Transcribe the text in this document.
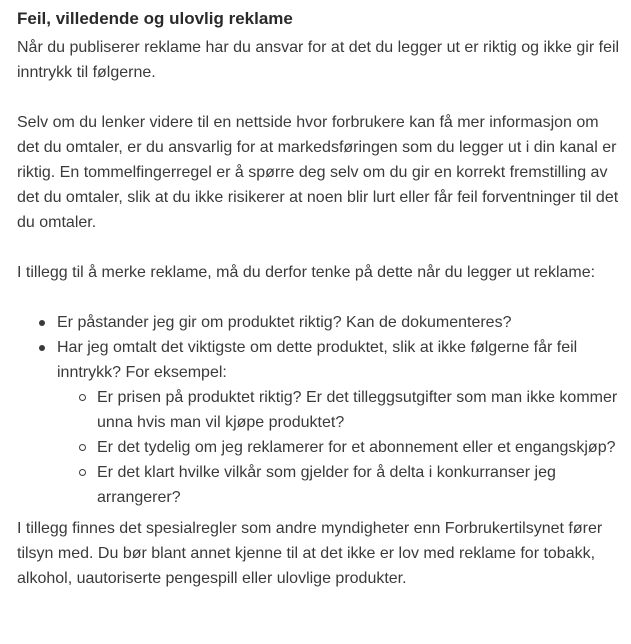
Feil, villedende og ulovlig reklame

Når du publiserer reklame har du ansvar for at det du legger ut er riktig og ikke gir feil inntrykk til følgerne.

Selv om du lenker videre til en nettside hvor forbrukere kan få mer informasjon om det du omtaler, er du ansvarlig for at markedsføringen som du legger ut i din kanal er riktig. En tommelfingerregel er å spørre deg selv om du gir en korrekt fremstilling av det du omtaler, slik at du ikke risikerer at noen blir lurt eller får feil forventninger til det du omtaler.

I tillegg til å merke reklame, må du derfor tenke på dette når du legger ut reklame:

Er påstander jeg gir om produktet riktig? Kan de dokumenteres?
Har jeg omtalt det viktigste om dette produktet, slik at ikke følgerne får feil inntrykk? For eksempel:
Er prisen på produktet riktig? Er det tilleggsutgifter som man ikke kommer unna hvis man vil kjøpe produktet?
Er det tydelig om jeg reklamerer for et abonnement eller et engangskjøp?
Er det klart hvilke vilkår som gjelder for å delta i konkurranser jeg arrangerer?

I tillegg finnes det spesialregler som andre myndigheter enn Forbrukertilsynet fører tilsyn med. Du bør blant annet kjenne til at det ikke er lov med reklame for tobakk, alkohol, uautoriserte pengespill eller ulovlige produkter.
